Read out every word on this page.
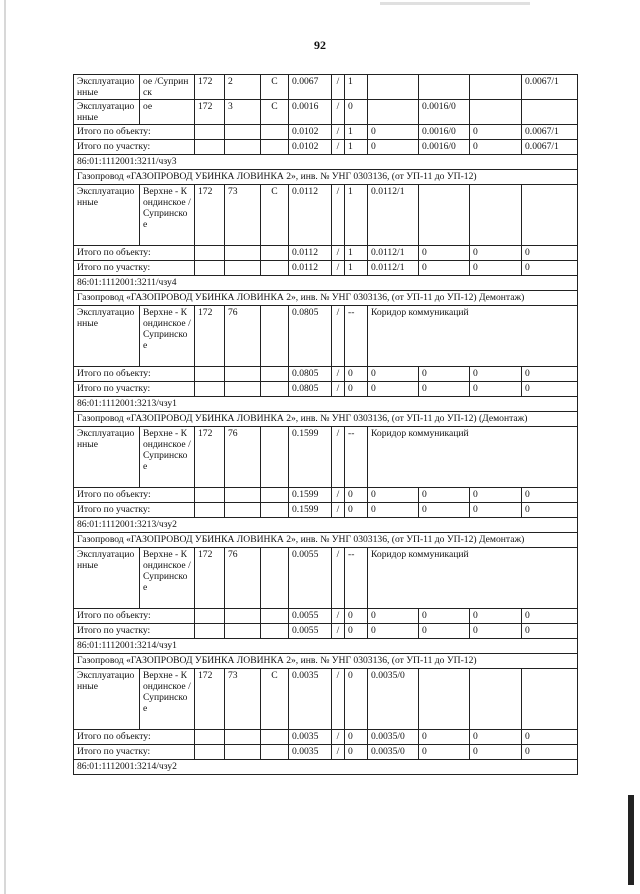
92
Эксплуатационные	ое /Супринск	172	2	С	0.0067	/	1				0.0067/1
Эксплуатационные	ое	172	3	С	0.0016	/	0		0.0016/0		
Итого по объекту:					0.0102	/	1	0	0.0016/0	0	0.0067/1
Итого по участку:					0.0102	/	1	0	0.0016/0	0	0.0067/1
86:01:1112001:3211/чзу3											
Газопровод «ГАЗОПРОВОД УБИНКА ЛОВИНКА 2», инв. № УНГ 0303136, (от УП-11 до УП-12)											
Эксплуатационные	Верхне - Кондинское /Супринское	172	73	С	0.0112	/	1	0.0112/1			
Итого по объекту:					0.0112	/	1	0.0112/1	0	0	0
Итого по участку:					0.0112	/	1	0.0112/1	0	0	0
86:01:1112001:3211/чзу4											
Газопровод «ГАЗОПРОВОД УБИНКА ЛОВИНКА 2», инв. № УНГ 0303136, (от УП-11 до УП-12) Демонтаж)											
Эксплуатационные	Верхне - Кондинское /Супринское	172	76		0.0805	/	--	Коридор коммуникаций			
Итого по объекту:					0.0805	/	0	0	0	0	0
Итого по участку:					0.0805	/	0	0	0	0	0
86:01:1112001:3213/чзу1											
Газопровод «ГАЗОПРОВОД УБИНКА ЛОВИНКА 2», инв. № УНГ 0303136, (от УП-11 до УП-12) (Демонтаж)											
Эксплуатационные	Верхне - Кондинское /Супринское	172	76		0.1599	/	--	Коридор коммуникаций			
Итого по объекту:					0.1599	/	0	0	0	0	0
Итого по участку:					0.1599	/	0	0	0	0	0
86:01:1112001:3213/чзу2											
Газопровод «ГАЗОПРОВОД УБИНКА ЛОВИНКА 2», инв. № УНГ 0303136, (от УП-11 до УП-12) Демонтаж)											
Эксплуатационные	Верхне - Кондинское /Супринское	172	76		0.0055	/	--	Коридор коммуникаций			
Итого по объекту:					0.0055	/	0	0	0	0	0
Итого по участку:					0.0055	/	0	0	0	0	0
86:01:1112001:3214/чзу1											
Газопровод «ГАЗОПРОВОД УБИНКА ЛОВИНКА 2», инв. № УНГ 0303136, (от УП-11 до УП-12)											
Эксплуатационные	Верхне - Кондинское /Супринское	172	73	С	0.0035	/	0	0.0035/0			
Итого по объекту:					0.0035	/	0	0.0035/0	0	0	0
Итого по участку:					0.0035	/	0	0.0035/0	0	0	0
86:01:1112001:3214/чзу2											
